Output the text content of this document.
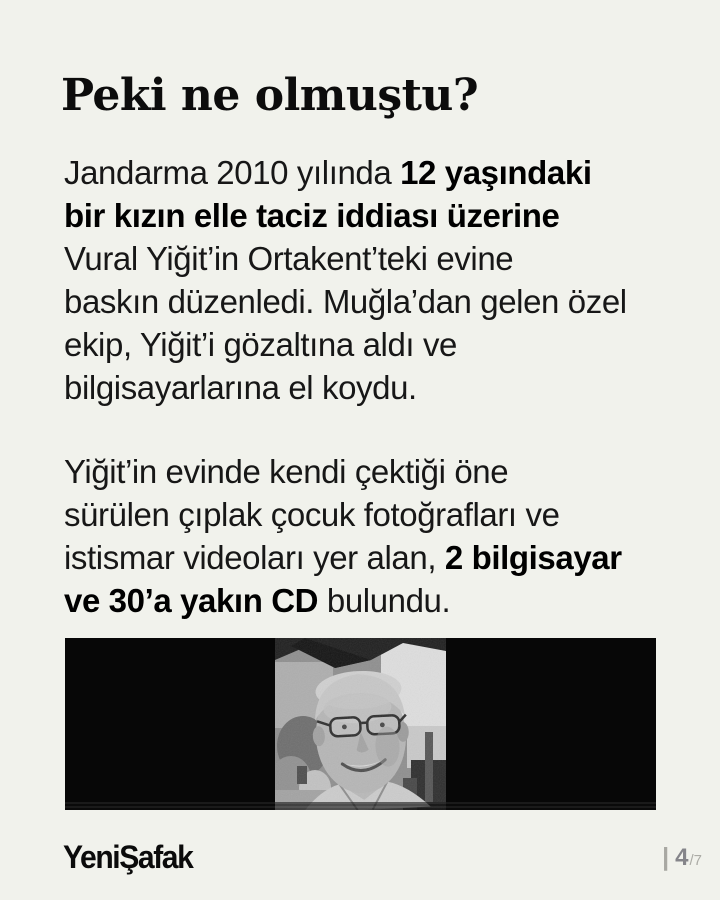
Peki ne olmuştu?

Jandarma 2010 yılında 12 yaşındaki
bir kızın elle taciz iddiası üzerine
Vural Yiğit’in Ortakent’teki evine
baskın düzenledi. Muğla’dan gelen özel
ekip, Yiğit’i gözaltına aldı ve
bilgisayarlarına el koydu.

Yiğit’in evinde kendi çektiği öne
sürülen çıplak çocuk fotoğrafları ve
istismar videoları yer alan, 2 bilgisayar
ve 30’a yakın CD bulundu.

YeniŞafak	| 4 /7
